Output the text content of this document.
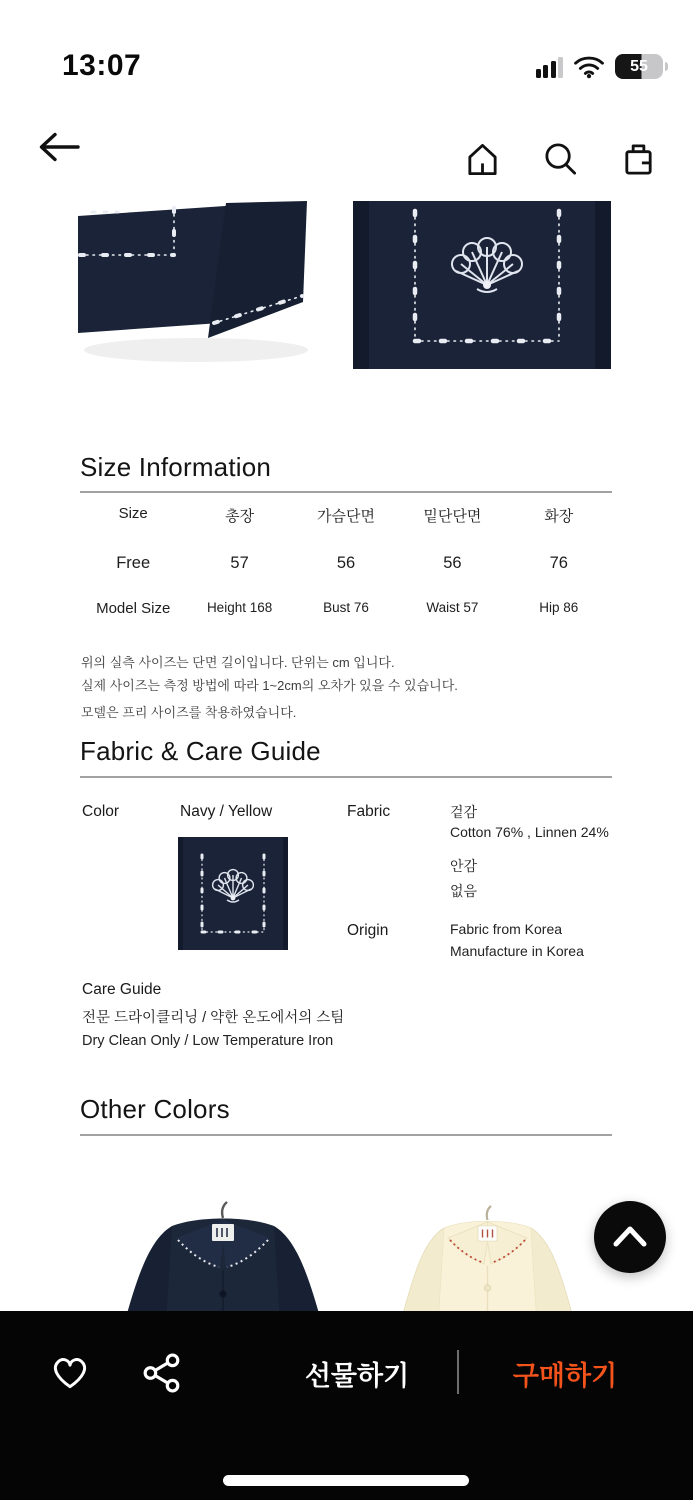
13:07	55
Size Information
Size	총장	가슴단면	밑단단면	화장
Free	57	56	56	76
Model Size	Height 168	Bust 76	Waist 57	Hip 86
위의 실측 사이즈는 단면 길이입니다. 단위는 cm 입니다.
실제 사이즈는 측정 방법에 따라 1~2cm의 오차가 있을 수 있습니다.
모델은 프리 사이즈를 착용하였습니다.
Fabric & Care Guide
Color	Navy / Yellow	Fabric	겉감
Cotton 76% , Linnen 24%
안감
없음
Origin	Fabric from Korea
Manufacture in Korea
Care Guide
전문 드라이클리닝 / 약한 온도에서의 스팀
Dry Clean Only / Low Temperature Iron
Other Colors
선물하기	구매하기
